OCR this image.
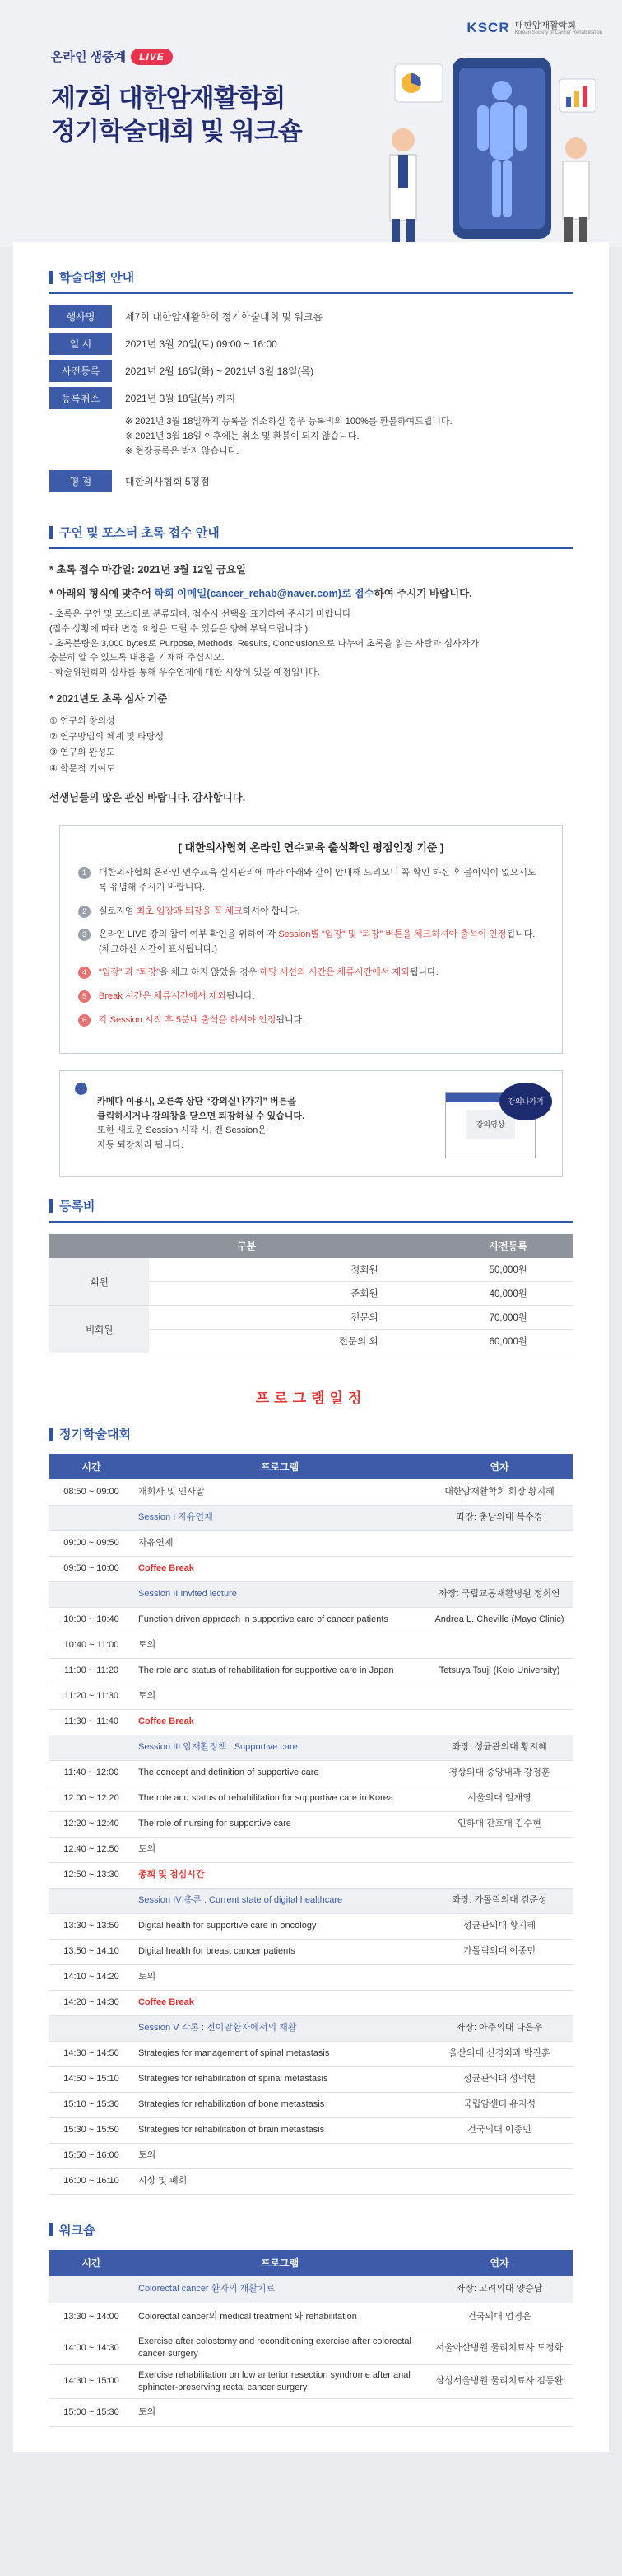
KSCR 대한암재활학회
Korean Society of Cancer Rehabilitation
온라인 생중계	LIVE
제7회 대한암재활학회
정기학술대회 및 워크숍
학술대회 안내
행사명	제7회 대한암재활학회 정기학술대회 및 워크숍
일 시	2021년 3월 20일(토) 09:00 ~ 16:00
사전등록	2021년 2월 16일(화) ~ 2021년 3월 18일(목)
등록취소	2021년 3월 18일(목) 까지
※ 2021년 3월 18일까지 등록을 취소하실 경우 등록비의 100%를 환불하여드립니다.
※ 2021년 3월 18일 이후에는 취소 및 환불이 되지 않습니다.
※ 현장등록은 받지 않습니다.
평 점	대한의사협회 5평점
구연 및 포스터 초록 접수 안내

* 초록 접수 마감일: 2021년 3월 12일 금요일

* 아래의 형식에 맞추어 학회 이메일(cancer_rehab@naver.com)로 접수하여 주시기 바랍니다.

- 초록은 구연 및 포스터로 분류되며, 접수시 선택을 표기하여 주시기 바랍니다
(접수 상황에 따라 변경 요청을 드릴 수 있음을 양해 부탁드립니다.).
- 초록분량은 3,000 bytes로 Purpose, Methods, Results, Conclusion으로 나누어 초록을 읽는 사람과 심사자가
충분히 알 수 있도록 내용을 기재해 주십시오.
- 학술위원회의 심사를 통해 우수연제에 대한 시상이 있을 예정입니다.

* 2021년도 초록 심사 기준

① 연구의 창의성
② 연구방법의 체계 및 타당성
③ 연구의 완성도
④ 학문적 기여도

선생님들의 많은 관심 바랍니다. 감사합니다.

[ 대한의사협회 온라인 연수교육 출석확인 평점인정 기준 ]
1	대한의사협회 온라인 연수교육 실시관리에 따라 아래와 같이 안내해 드리오니 꼭 확인 하신 후 불이익이 없으시도록 유념해 주시기 바랍니다.
2	실로지엄 최초 입장과 퇴장을 꼭 체크하셔야 합니다.
3	온라인 LIVE 강의 참여 여부 확인을 위하여 각 Session별 “입장” 및 “퇴장” 버튼을 체크하셔야 출석이 인정됩니다. (체크하신 시간이 표시됩니다.)
4	“입장” 과 “퇴장”을 체크 하지 않았을 경우 해당 세션의 시간은 체류시간에서 제외됩니다.
5	Break 시간은 체류시간에서 제외됩니다.
6	각 Session 시작 후 5분내 출석을 하셔야 인정됩니다.
i
카메다 이용시, 오른쪽 상단 “강의실나가기” 버튼을
클릭하시거나 강의창을 닫으면 퇴장하실 수 있습니다.
또한 새로운 Session 시작 시, 전 Session은
자동 퇴장처리 됩니다.
강의영상
강의나가기
등록비
구분		사전등록
회원	정회원	50,000원
	준회원	40,000원
비회원	전문의	70,000원
	전문의 외	60,000원
프로그램일정
정기학술대회
시간	프로그램	연자
08:50 ~ 09:00	개회사 및 인사말	대한암재활학회 회장 황지혜
	Session I 자유연제	좌장: 충남의대 복수경
09:00 ~ 09:50	자유연제	
09:50 ~ 10:00	Coffee Break	
	Session II Invited lecture	좌장: 국립교통재활병원 정희연
10:00 ~ 10:40	Function driven approach in supportive care of cancer patients	Andrea L. Cheville (Mayo Clinic)
10:40 ~ 11:00	토의	
11:00 ~ 11:20	The role and status of rehabilitation for supportive care in Japan	Tetsuya Tsuji (Keio University)
11:20 ~ 11:30	토의	
11:30 ~ 11:40	Coffee Break	
	Session III 암재활정책 : Supportive care	좌장: 성균관의대 황지혜
11:40 ~ 12:00	The concept and definition of supportive care	경상의대 중앙내과 강정훈
12:00 ~ 12:20	The role and status of rehabilitation for supportive care in Korea	서울의대 임재영
12:20 ~ 12:40	The role of nursing for supportive care	인하대 간호대 김수현
12:40 ~ 12:50	토의	
12:50 ~ 13:30	총회 및 점심시간	
	Session IV 총론 : Current state of digital healthcare	좌장: 가톨릭의대 김준성
13:30 ~ 13:50	Digital health for supportive care in oncology	성균관의대 황지혜
13:50 ~ 14:10	Digital health for breast cancer patients	가톨릭의대 이종민
14:10 ~ 14:20	토의	
14:20 ~ 14:30	Coffee Break	
	Session V 각론 : 전이암환자에서의 재활	좌장: 아주의대 나은우
14:30 ~ 14:50	Strategies for management of spinal metastasis	울산의대 신경외과 박진훈
14:50 ~ 15:10	Strategies for rehabilitation of spinal metastasis	성균관의대 성덕현
15:10 ~ 15:30	Strategies for rehabilitation of bone metastasis	국립암센터 유지성
15:30 ~ 15:50	Strategies for rehabilitation of brain metastasis	건국의대 이종민
15:50 ~ 16:00	토의	
16:00 ~ 16:10	시상 및 폐회	
워크숍
시간	프로그램	연자
	Colorectal cancer 환자의 재활치료	좌장: 고려의대 양승남
13:30 ~ 14:00	Colorectal cancer의 medical treatment 와 rehabilitation	건국의대 엄경은
14:00 ~ 14:30	Exercise after colostomy and reconditioning exercise after colorectal cancer surgery	서울아산병원 물리치료사 도정화
14:30 ~ 15:00	Exercise rehabilitation on low anterior resection syndrome after anal sphincter-preserving rectal cancer surgery	삼성서울병원 물리치료사 김동완
15:00 ~ 15:30	토의	
